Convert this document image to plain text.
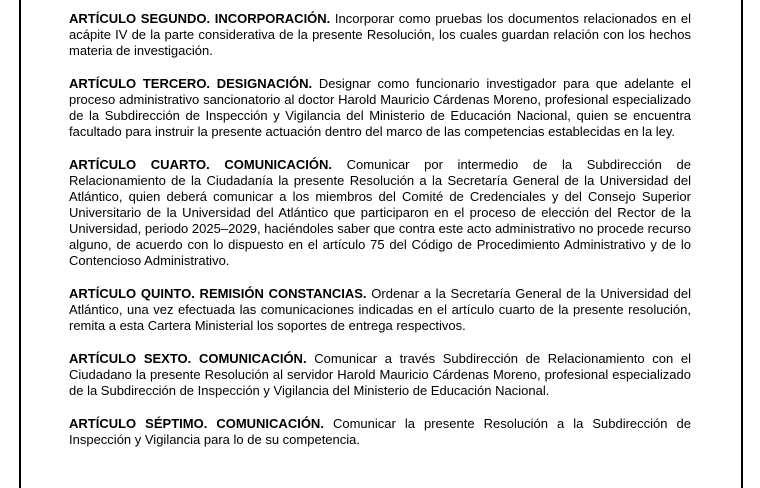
ARTÍCULO SEGUNDO. INCORPORACIÓN. Incorporar como pruebas los documentos relacionados en el acápite IV de la parte considerativa de la presente Resolución, los cuales guardan relación con los hechos materia de investigación.

ARTÍCULO TERCERO. DESIGNACIÓN. Designar como funcionario investigador para que adelante el proceso administrativo sancionatorio al doctor Harold Mauricio Cárdenas Moreno, profesional especializado de la Subdirección de Inspección y Vigilancia del Ministerio de Educación Nacional, quien se encuentra facultado para instruir la presente actuación dentro del marco de las competencias establecidas en la ley.

ARTÍCULO CUARTO. COMUNICACIÓN. Comunicar por intermedio de la Subdirección de Relacionamiento de la Ciudadanía la presente Resolución a la Secretaría General de la Universidad del Atlántico, quien deberá comunicar a los miembros del Comité de Credenciales y del Consejo Superior Universitario de la Universidad del Atlántico que participaron en el proceso de elección del Rector de la Universidad, periodo 2025–2029, haciéndoles saber que contra este acto administrativo no procede recurso alguno, de acuerdo con lo dispuesto en el artículo 75 del Código de Procedimiento Administrativo y de lo Contencioso Administrativo.

ARTÍCULO QUINTO. REMISIÓN CONSTANCIAS. Ordenar a la Secretaría General de la Universidad del Atlántico, una vez efectuada las comunicaciones indicadas en el artículo cuarto de la presente resolución, remita a esta Cartera Ministerial los soportes de entrega respectivos.

ARTÍCULO SEXTO. COMUNICACIÓN. Comunicar a través Subdirección de Relacionamiento con el Ciudadano la presente Resolución al servidor Harold Mauricio Cárdenas Moreno, profesional especializado de la Subdirección de Inspección y Vigilancia del Ministerio de Educación Nacional.

ARTÍCULO SÉPTIMO. COMUNICACIÓN. Comunicar la presente Resolución a la Subdirección de Inspección y Vigilancia para lo de su competencia.
